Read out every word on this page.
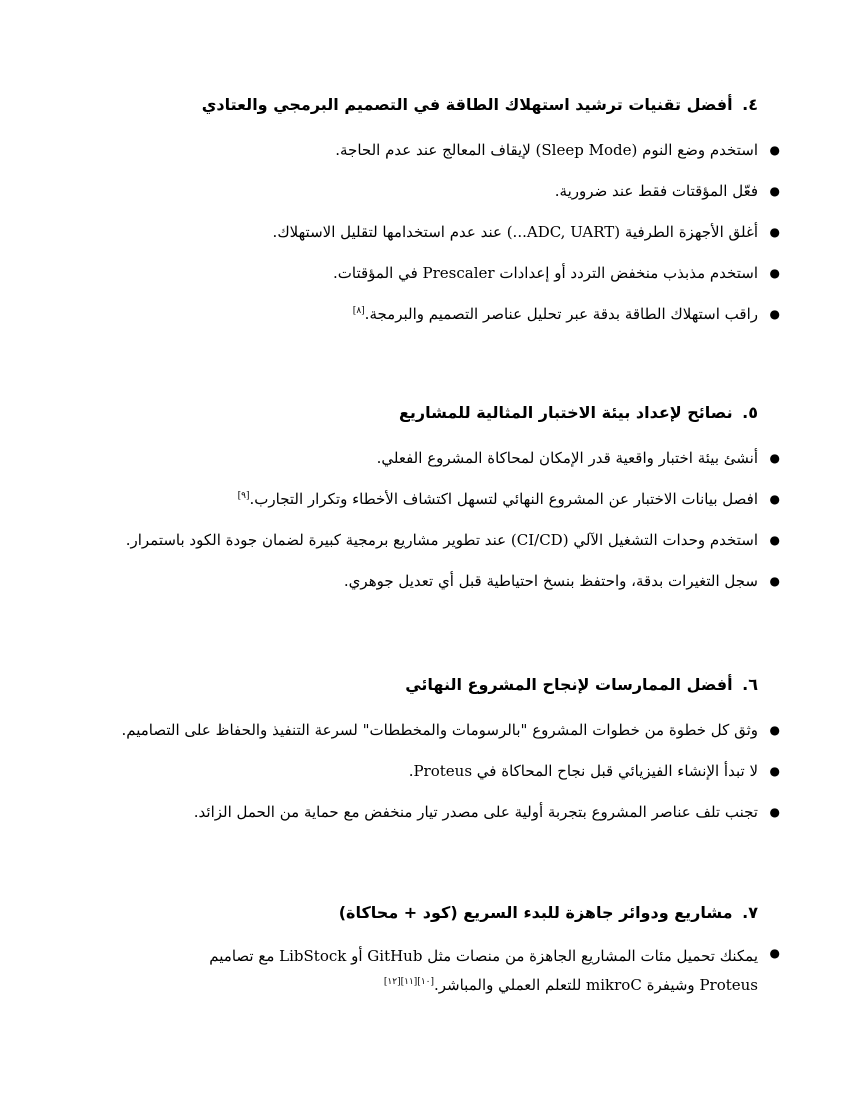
٤. أفضل تقنيات ترشيد استهلاك الطاقة في التصميم البرمجي والعتادي
●
استخدم وضع النوم (Sleep Mode) لإيقاف المعالج عند عدم الحاجة.
●
فعّل المؤقتات فقط عند ضرورية.
●
أغلق الأجهزة الطرفية (ADC, UART...) عند عدم استخدامها لتقليل الاستهلاك.
●
استخدم مذبذب منخفض التردد أو إعدادات Prescaler في المؤقتات.
●
راقب استهلاك الطاقة بدقة عبر تحليل عناصر التصميم والبرمجة.[٨]
٥. نصائح لإعداد بيئة الاختبار المثالية للمشاريع
●
أنشئ بيئة اختبار واقعية قدر الإمكان لمحاكاة المشروع الفعلي.
●
افصل بيانات الاختبار عن المشروع النهائي لتسهل اكتشاف الأخطاء وتكرار التجارب.[٩]
●
استخدم وحدات التشغيل الآلي (CI/CD) عند تطوير مشاريع برمجية كبيرة لضمان جودة الكود باستمرار.
●
سجل التغيرات بدقة، واحتفظ بنسخ احتياطية قبل أي تعديل جوهري.
٦. أفضل الممارسات لإنجاح المشروع النهائي
●
وثق كل خطوة من خطوات المشروع "بالرسومات والمخططات" لسرعة التنفيذ والحفاظ على التصاميم.
●
لا تبدأ الإنشاء الفيزيائي قبل نجاح المحاكاة في Proteus.
●
تجنب تلف عناصر المشروع بتجربة أولية على مصدر تيار منخفض مع حماية من الحمل الزائد.
٧. مشاريع ودوائر جاهزة للبدء السريع (كود + محاكاة)
●
يمكنك تحميل مئات المشاريع الجاهزة من منصات مثل GitHub أو LibStock مع تصاميم Proteus وشيفرة mikroC للتعلم العملي والمباشر.[١٠][١١][١٢]
